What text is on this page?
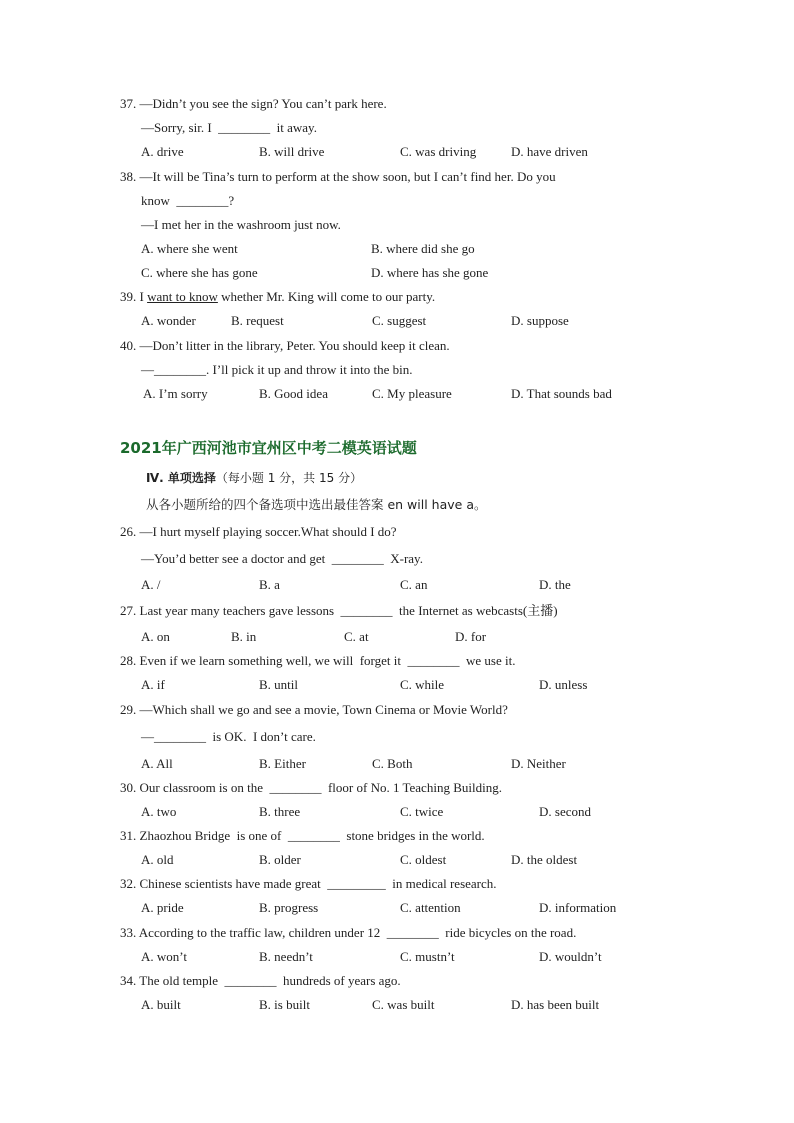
37. —Didn’t you see the sign? You can’t park here.
—Sorry, sir. I  ________  it away.
A. drive	B. will drive	C. was driving	D. have driven
38. —It will be Tina’s turn to perform at the show soon, but I can’t find her. Do you
know  ________?
—I met her in the washroom just now.
A. where she went	B. where did she go
C. where she has gone	D. where has she gone
39. I want to know whether Mr. King will come to our party.
A. wonder	B. request	C. suggest	D. suppose
40. —Don’t litter in the library, Peter. You should keep it clean.
—________. I’ll pick it up and throw it into the bin.
A. I’m sorry	B. Good idea	C. My pleasure	D. That sounds bad
2021年广西河池市宜州区中考二模英语试题
Ⅳ. 单项选择（每小题 1 分，共 15 分）
从各小题所给的四个备选项中选出最佳答案 en will have a。
26. —I hurt myself playing soccer.What should I do?
—You’d better see a doctor and get  ________  X-ray.
A. /	B. a	C. an	D. the
27. Last year many teachers gave lessons  ________  the Internet as webcasts(主播)
A. on	B. in	C. at	D. for
28. Even if we learn something well, we will  forget it  ________  we use it.
A. if	B. until	C. while	D. unless
29. —Which shall we go and see a movie, Town Cinema or Movie World?
—________  is OK.  I don’t care.
A. All	B. Either	C. Both	D. Neither
30. Our classroom is on the  ________  floor of No. 1 Teaching Building.
A. two	B. three	C. twice	D. second
31. Zhaozhou Bridge  is one of  ________  stone bridges in the world.
A. old	B. older	C. oldest	D. the oldest
32. Chinese scientists have made great  _________  in medical research.
A. pride	B. progress	C. attention	D. information
33. According to the traffic law, children under 12  ________  ride bicycles on the road.
A. won’t	B. needn’t	C. mustn’t	D. wouldn’t
34. The old temple  ________  hundreds of years ago.
A. built	B. is built	C. was built	D. has been built
